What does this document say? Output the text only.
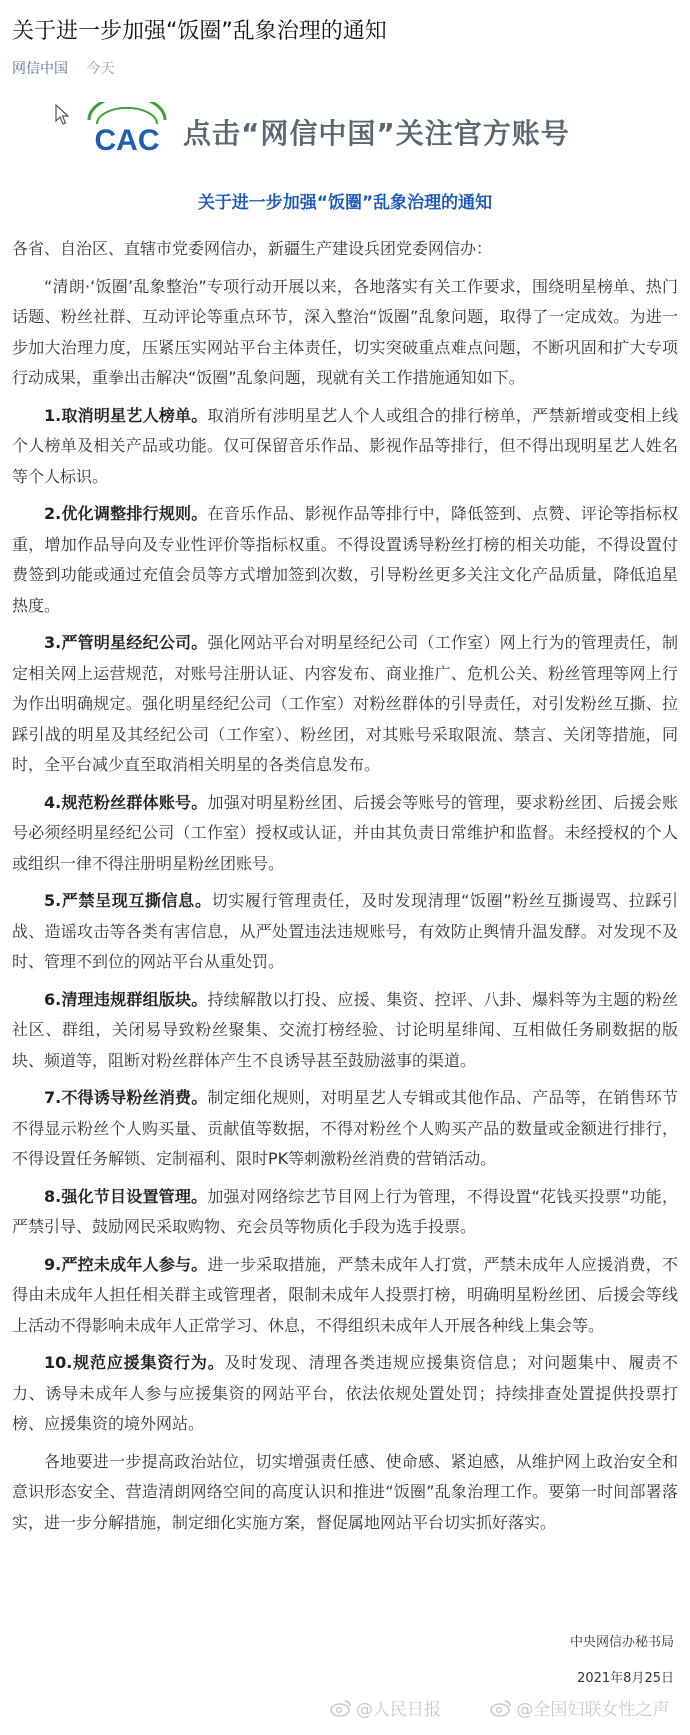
关于进一步加强“饭圈”乱象治理的通知
网信中国 今天
CAC 点击“网信中国”关注官方账号
关于进一步加强“饭圈”乱象治理的通知

各省、自治区、直辖市党委网信办，新疆生产建设兵团党委网信办：

“清朗·‘饭圈’乱象整治”专项行动开展以来，各地落实有关工作要求，围绕明星榜单、热门话题、粉丝社群、互动评论等重点环节，深入整治“饭圈”乱象问题，取得了一定成效。为进一步加大治理力度，压紧压实网站平台主体责任，切实突破重点难点问题，不断巩固和扩大专项行动成果，重拳出击解决“饭圈”乱象问题，现就有关工作措施通知如下。

1.取消明星艺人榜单。取消所有涉明星艺人个人或组合的排行榜单，严禁新增或变相上线个人榜单及相关产品或功能。仅可保留音乐作品、影视作品等排行，但不得出现明星艺人姓名等个人标识。

2.优化调整排行规则。在音乐作品、影视作品等排行中，降低签到、点赞、评论等指标权重，增加作品导向及专业性评价等指标权重。不得设置诱导粉丝打榜的相关功能，不得设置付费签到功能或通过充值会员等方式增加签到次数，引导粉丝更多关注文化产品质量，降低追星热度。

3.严管明星经纪公司。强化网站平台对明星经纪公司（工作室）网上行为的管理责任，制定相关网上运营规范，对账号注册认证、内容发布、商业推广、危机公关、粉丝管理等网上行为作出明确规定。强化明星经纪公司（工作室）对粉丝群体的引导责任，对引发粉丝互撕、拉踩引战的明星及其经纪公司（工作室）、粉丝团，对其账号采取限流、禁言、关闭等措施，同时，全平台减少直至取消相关明星的各类信息发布。

4.规范粉丝群体账号。加强对明星粉丝团、后援会等账号的管理，要求粉丝团、后援会账号必须经明星经纪公司（工作室）授权或认证，并由其负责日常维护和监督。未经授权的个人或组织一律不得注册明星粉丝团账号。

5.严禁呈现互撕信息。切实履行管理责任，及时发现清理“饭圈”粉丝互撕谩骂、拉踩引战、造谣攻击等各类有害信息，从严处置违法违规账号，有效防止舆情升温发酵。对发现不及时、管理不到位的网站平台从重处罚。

6.清理违规群组版块。持续解散以打投、应援、集资、控评、八卦、爆料等为主题的粉丝社区、群组，关闭易导致粉丝聚集、交流打榜经验、讨论明星绯闻、互相做任务刷数据的版块、频道等，阻断对粉丝群体产生不良诱导甚至鼓励滋事的渠道。

7.不得诱导粉丝消费。制定细化规则，对明星艺人专辑或其他作品、产品等，在销售环节不得显示粉丝个人购买量、贡献值等数据，不得对粉丝个人购买产品的数量或金额进行排行，不得设置任务解锁、定制福利、限时PK等刺激粉丝消费的营销活动。

8.强化节目设置管理。加强对网络综艺节目网上行为管理，不得设置“花钱买投票”功能，严禁引导、鼓励网民采取购物、充会员等物质化手段为选手投票。

9.严控未成年人参与。进一步采取措施，严禁未成年人打赏，严禁未成年人应援消费，不得由未成年人担任相关群主或管理者，限制未成年人投票打榜，明确明星粉丝团、后援会等线上活动不得影响未成年人正常学习、休息，不得组织未成年人开展各种线上集会等。

10.规范应援集资行为。及时发现、清理各类违规应援集资信息；对问题集中、履责不力、诱导未成年人参与应援集资的网站平台，依法依规处置处罚；持续排查处置提供投票打榜、应援集资的境外网站。

各地要进一步提高政治站位，切实增强责任感、使命感、紧迫感，从维护网上政治安全和意识形态安全、营造清朗网络空间的高度认识和推进“饭圈”乱象治理工作。要第一时间部署落实，进一步分解措施，制定细化实施方案，督促属地网站平台切实抓好落实。

中央网信办秘书局
2021年8月25日
@人民日报
	@全国妇联女性之声
